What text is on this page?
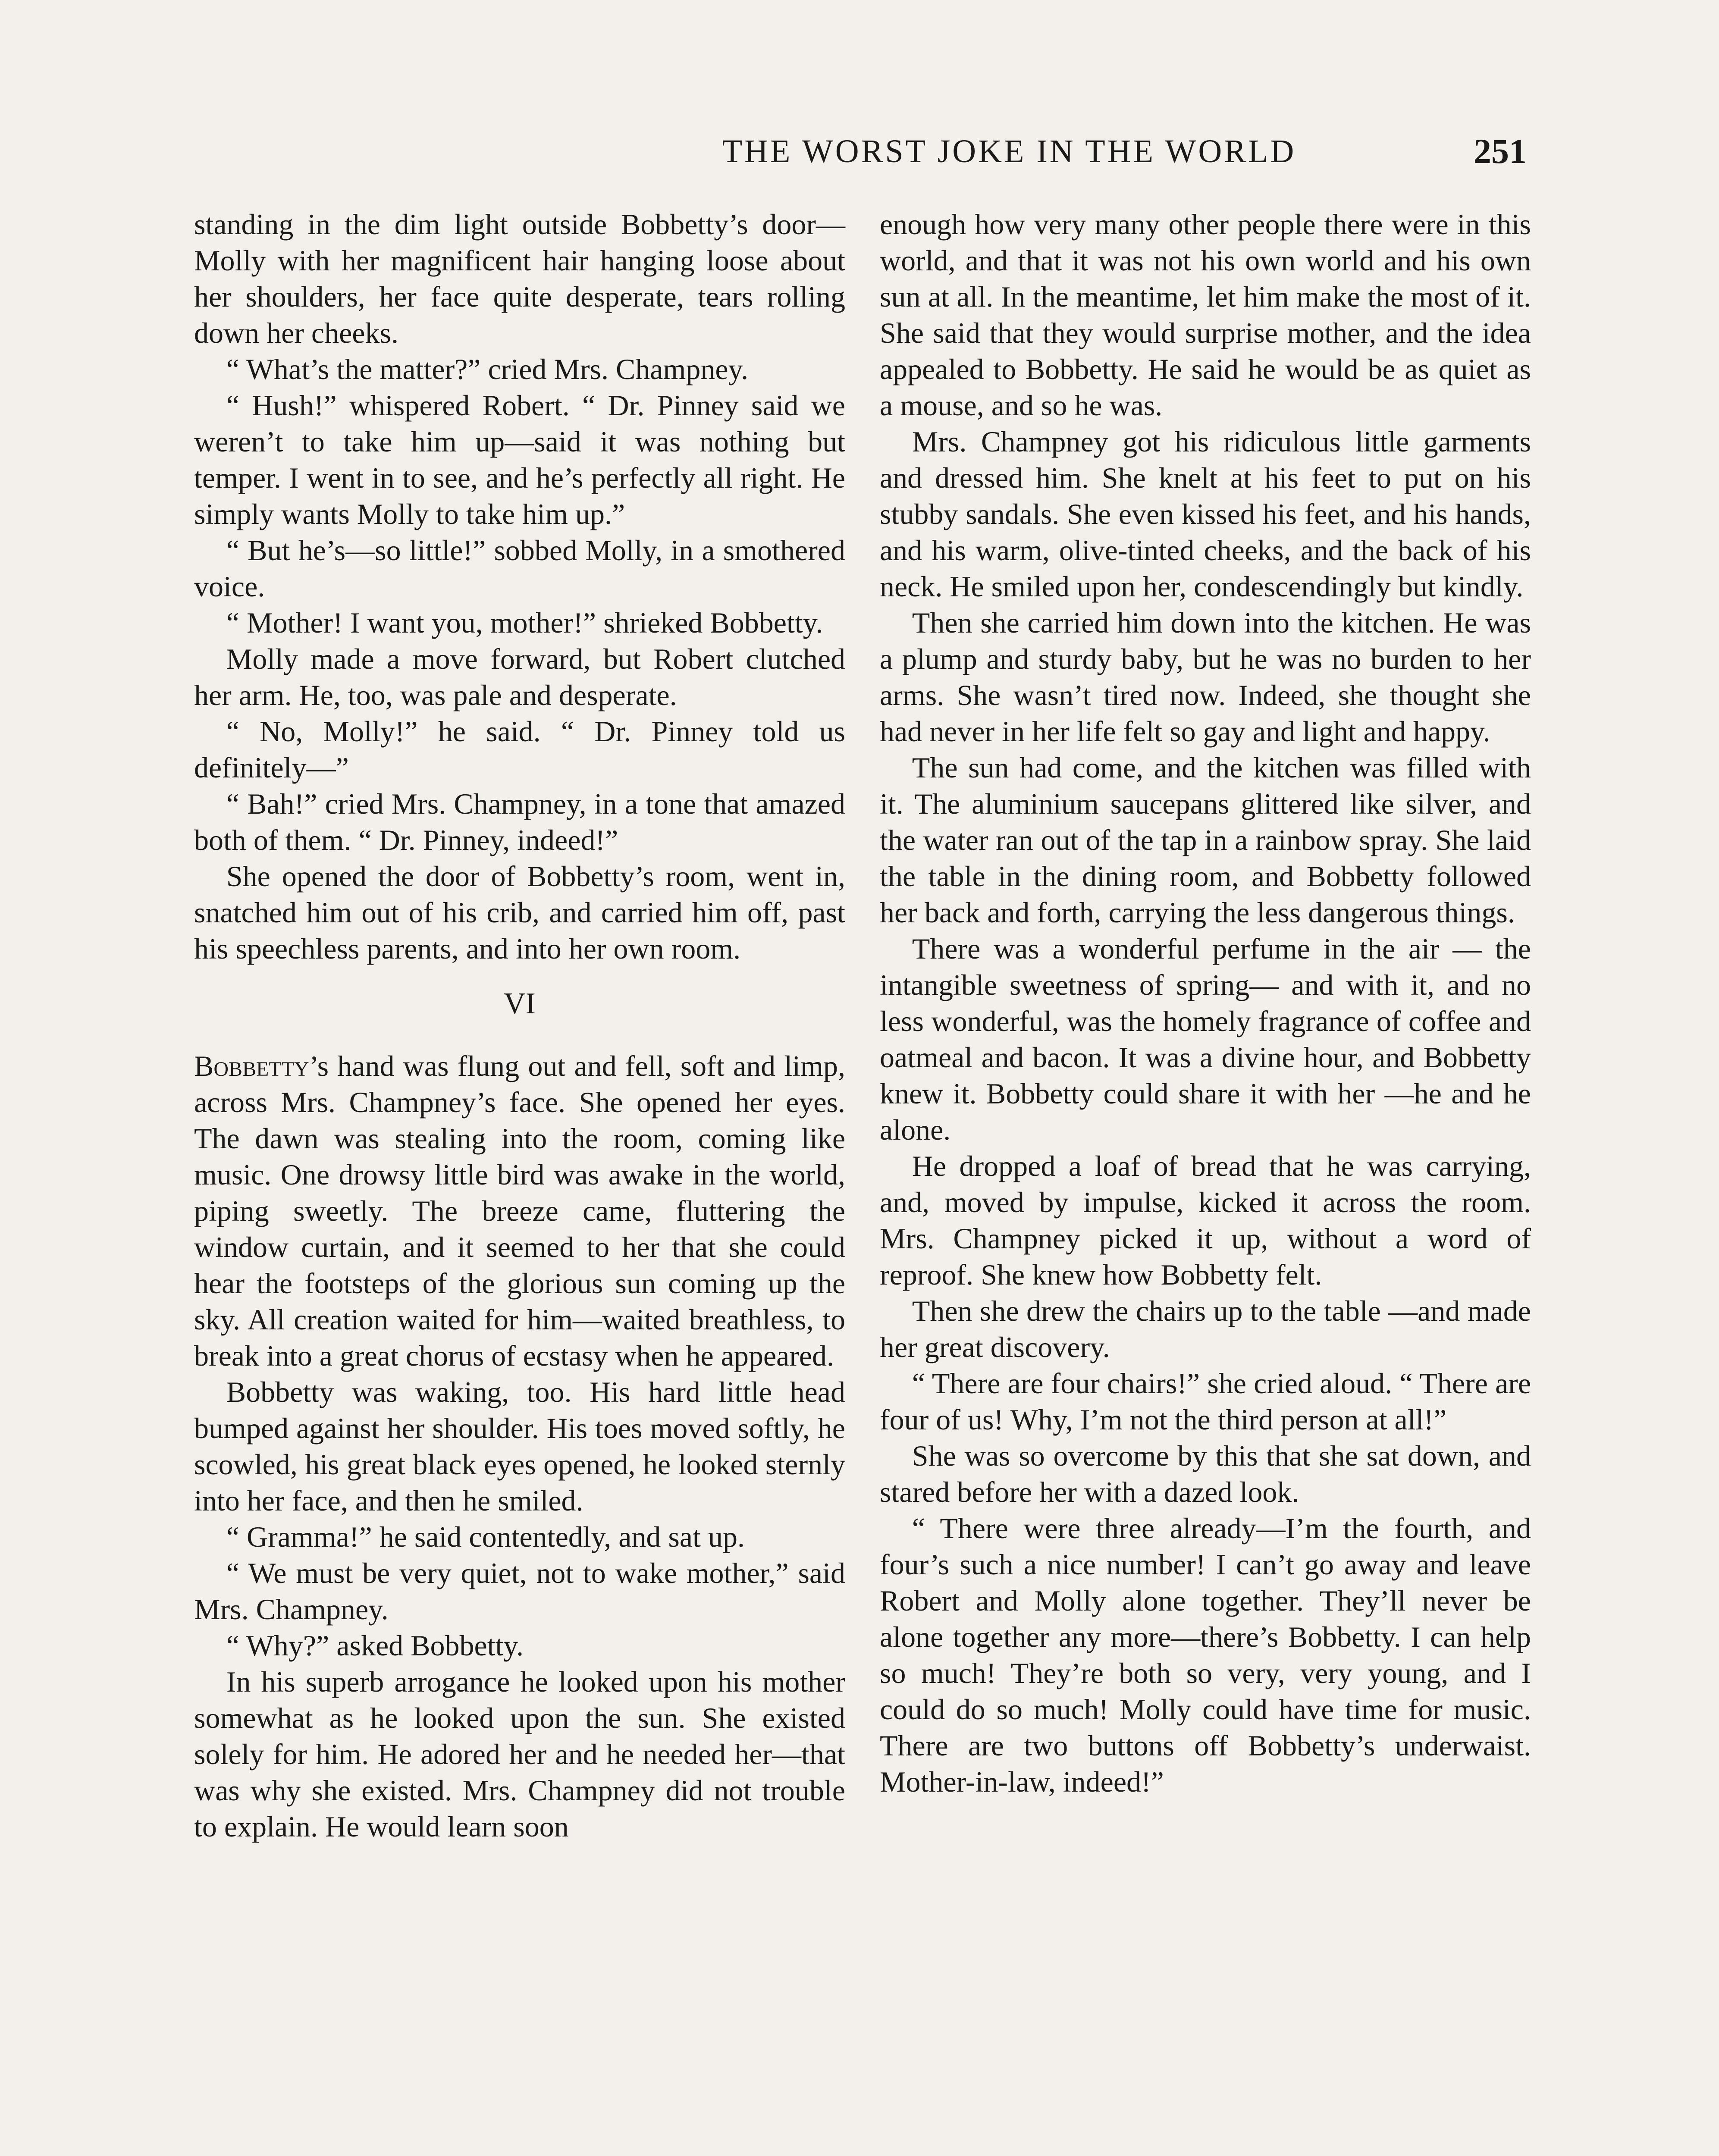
THE WORST JOKE IN THE WORLD	251

standing in the dim light outside Bobbetty’s door—Molly with her magnificent hair hanging loose about her shoulders, her face quite desperate, tears rolling down her cheeks.

“ What’s the matter?” cried Mrs. Champney.

“ Hush!” whispered Robert. “ Dr. Pinney said we weren’t to take him up—said it was nothing but temper. I went in to see, and he’s perfectly all right. He simply wants Molly to take him up.”

“ But he’s—so little!” sobbed Molly, in a smothered voice.

“ Mother! I want you, mother!” shrieked Bobbetty.

Molly made a move forward, but Robert clutched her arm. He, too, was pale and desperate.

“ No, Molly!” he said. “ Dr. Pinney told us definitely—”

“ Bah!” cried Mrs. Champney, in a tone that amazed both of them. “ Dr. Pinney, indeed!”

She opened the door of Bobbetty’s room, went in, snatched him out of his crib, and carried him off, past his speechless parents, and into her own room.

VI

Bobbetty’s hand was flung out and fell, soft and limp, across Mrs. Champney’s face. She opened her eyes. The dawn was stealing into the room, coming like music. One drowsy little bird was awake in the world, piping sweetly. The breeze came, fluttering the window curtain, and it seemed to her that she could hear the footsteps of the glorious sun coming up the sky. All creation waited for him—waited breathless, to break into a great chorus of ecstasy when he appeared.

Bobbetty was waking, too. His hard little head bumped against her shoulder. His toes moved softly, he scowled, his great black eyes opened, he looked sternly into her face, and then he smiled.

“ Gramma!” he said contentedly, and sat up.

“ We must be very quiet, not to wake mother,” said Mrs. Champney.

“ Why?” asked Bobbetty.

In his superb arrogance he looked upon his mother somewhat as he looked upon the sun. She existed solely for him. He adored her and he needed her—that was why she existed. Mrs. Champney did not trouble to explain. He would learn soon

enough how very many other people there were in this world, and that it was not his own world and his own sun at all. In the meantime, let him make the most of it. She said that they would surprise mother, and the idea appealed to Bobbetty. He said he would be as quiet as a mouse, and so he was.

Mrs. Champney got his ridiculous little garments and dressed him. She knelt at his feet to put on his stubby sandals. She even kissed his feet, and his hands, and his warm, olive-tinted cheeks, and the back of his neck. He smiled upon her, condescendingly but kindly.

Then she carried him down into the kitchen. He was a plump and sturdy baby, but he was no burden to her arms. She wasn’t tired now. Indeed, she thought she had never in her life felt so gay and light and happy.

The sun had come, and the kitchen was filled with it. The aluminium saucepans glittered like silver, and the water ran out of the tap in a rainbow spray. She laid the table in the dining room, and Bobbetty followed her back and forth, carrying the less dangerous things.

There was a wonderful perfume in the air — the intangible sweetness of spring— and with it, and no less wonderful, was the homely fragrance of coffee and oatmeal and bacon. It was a divine hour, and Bobbetty knew it. Bobbetty could share it with her —he and he alone.

He dropped a loaf of bread that he was carrying, and, moved by impulse, kicked it across the room. Mrs. Champney picked it up, without a word of reproof. She knew how Bobbetty felt.

Then she drew the chairs up to the table —and made her great discovery.

“ There are four chairs!” she cried aloud. “ There are four of us! Why, I’m not the third person at all!”

She was so overcome by this that she sat down, and stared before her with a dazed look.

“ There were three already—I’m the fourth, and four’s such a nice number! I can’t go away and leave Robert and Molly alone together. They’ll never be alone together any more—there’s Bobbetty. I can help so much! They’re both so very, very young, and I could do so much! Molly could have time for music. There are two buttons off Bobbetty’s underwaist. Mother-in-law, indeed!”
